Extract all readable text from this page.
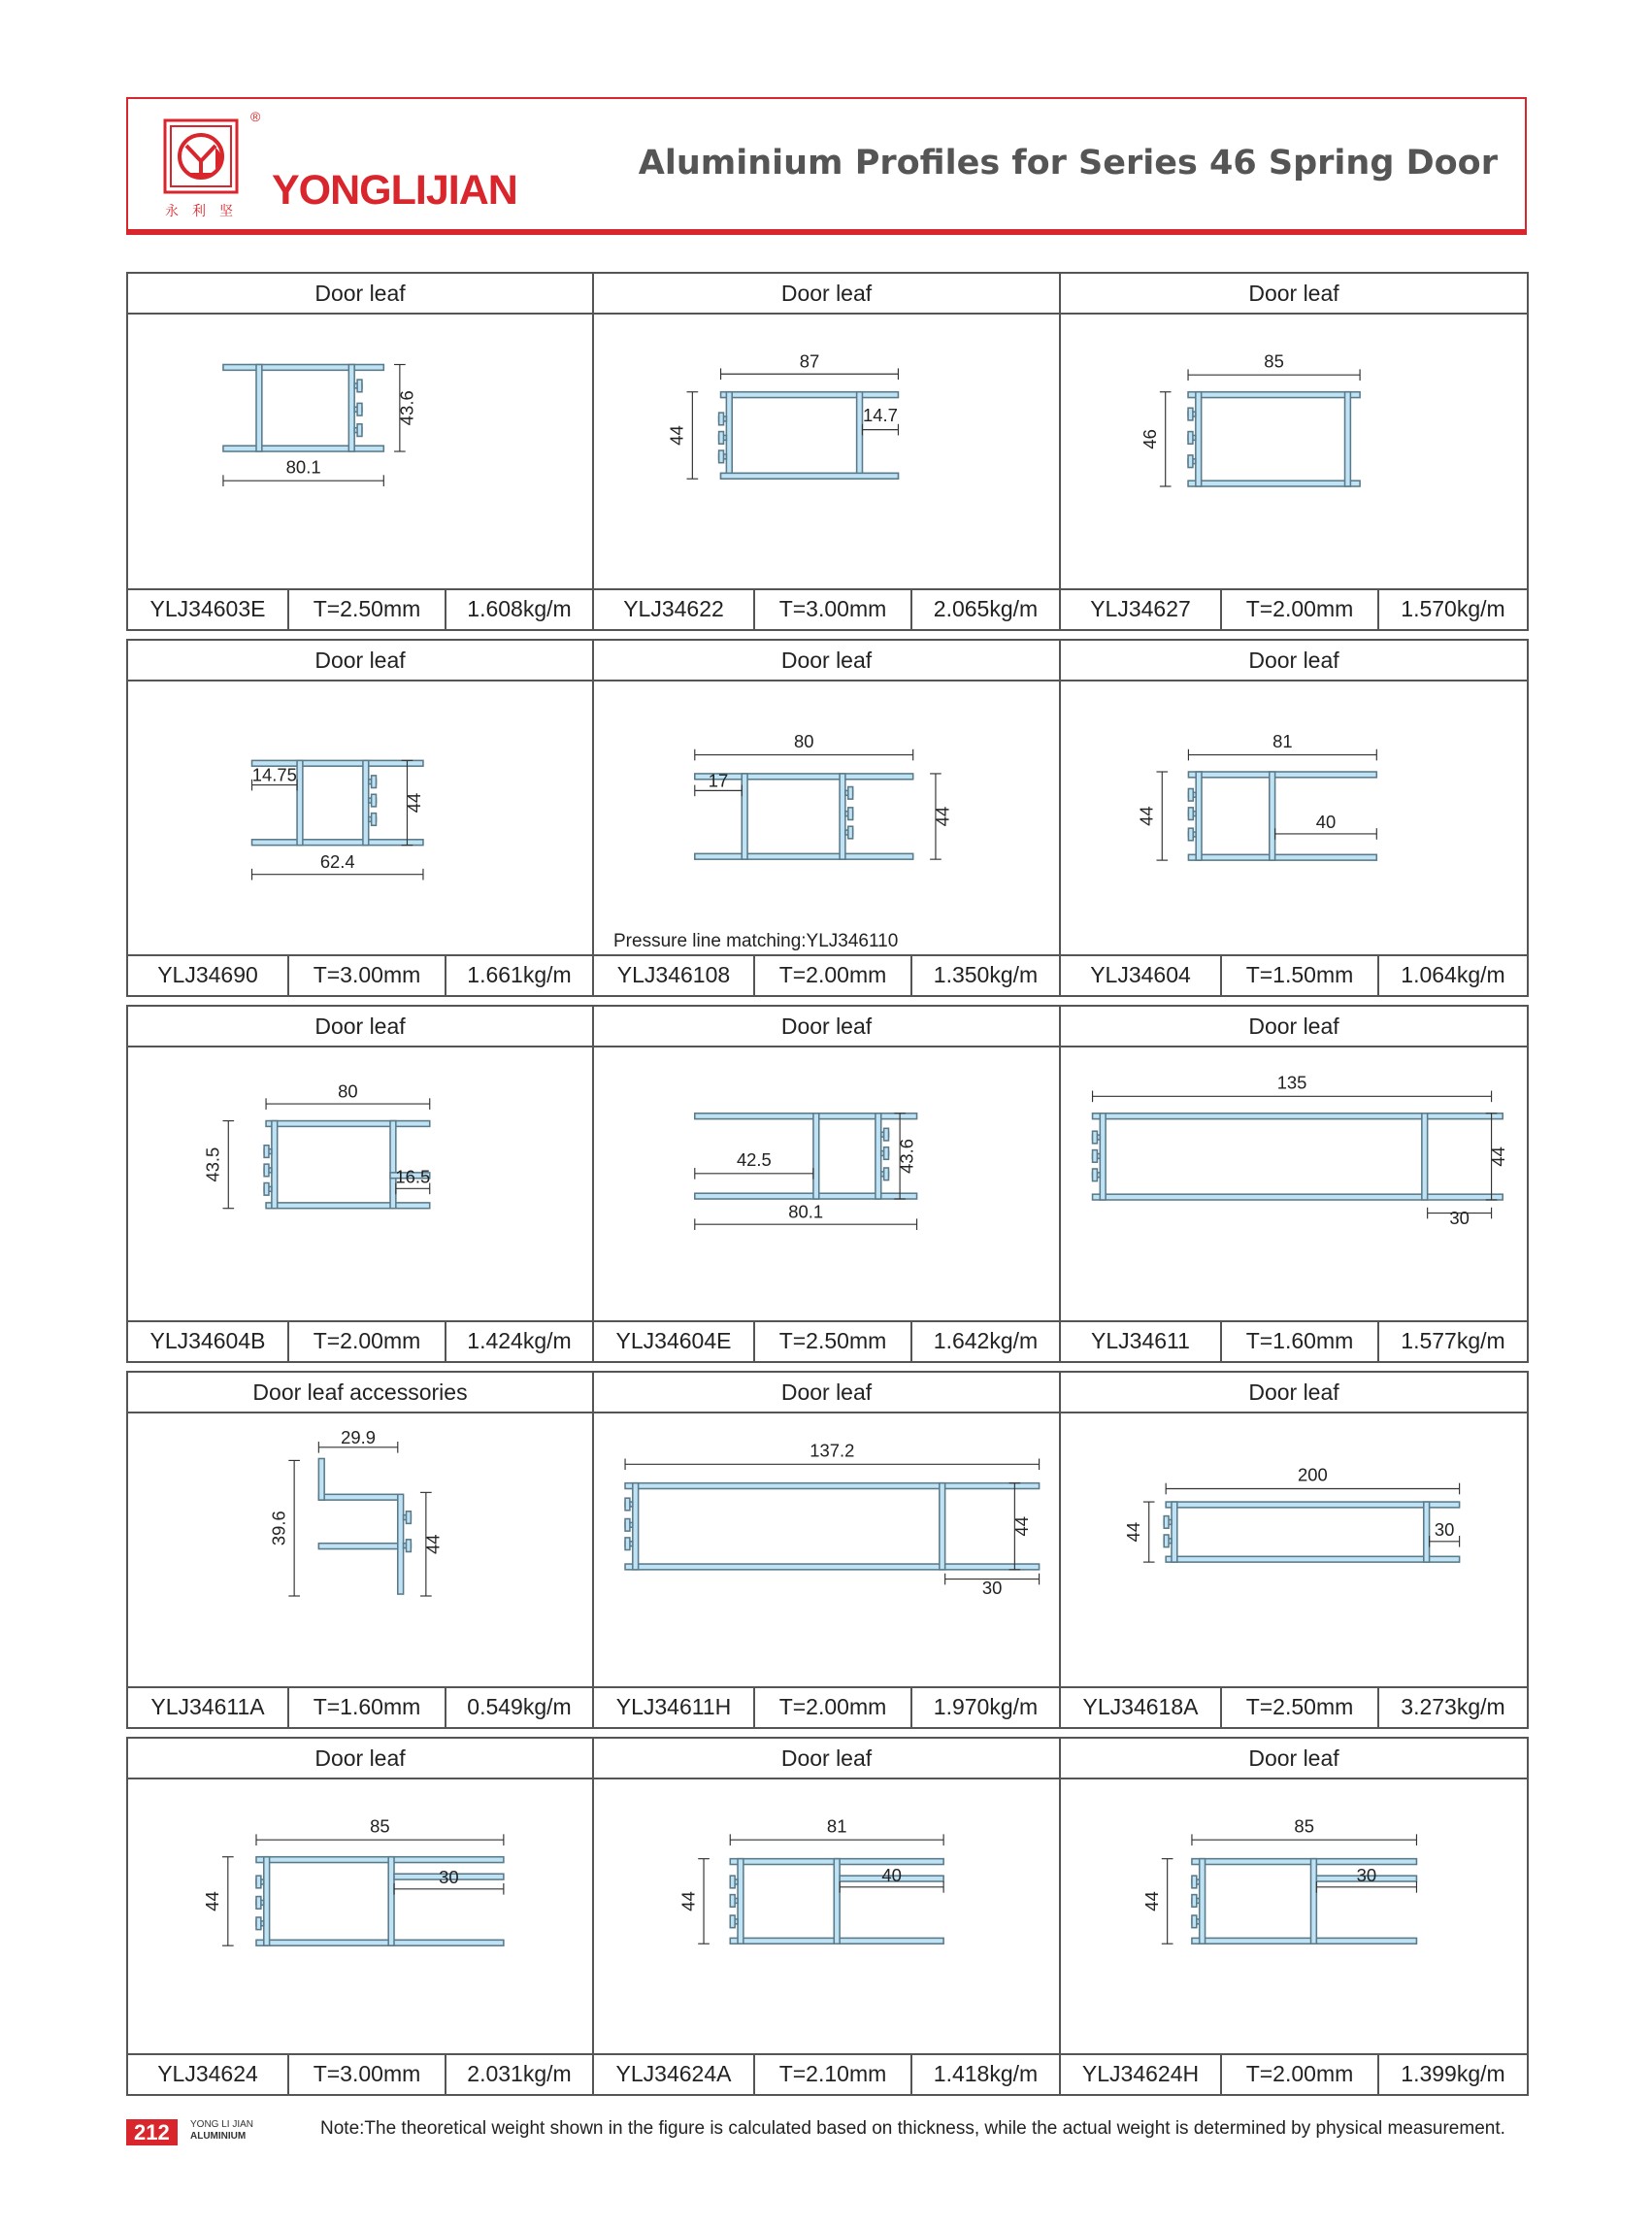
®
永利坚 YONGLIJIAN
Aluminium Profiles for Series 46 Spring Door
Door leaf
80.1
43.6
YLJ34603E	T=2.50mm	1.608kg/m
Door leaf
87
14.7
44
YLJ34622	T=3.00mm	2.065kg/m
Door leaf
85
46
YLJ34627	T=2.00mm	1.570kg/m
Door leaf
14.75
62.4
44
YLJ34690	T=3.00mm	1.661kg/m
Door leaf
80
17
44
YLJ346108	T=2.00mm	1.350kg/m
Pressure line matching:YLJ346110
Door leaf
81
40
44
YLJ34604	T=1.50mm	1.064kg/m
Door leaf
80
43.5	16.5
YLJ34604B	T=2.00mm	1.424kg/m
Door leaf
42.5
80.1
43.6
YLJ34604E	T=2.50mm	1.642kg/m
Door leaf
135
44
30
YLJ34611	T=1.60mm	1.577kg/m
Door leaf accessories
29.9
39.6	44
YLJ34611A	T=1.60mm	0.549kg/m
Door leaf
137.2
44
30
YLJ34611H	T=2.00mm	1.970kg/m
Door leaf
200
44	30
YLJ34618A	T=2.50mm	3.273kg/m
Door leaf
85
30
44
YLJ34624	T=3.00mm	2.031kg/m
Door leaf
81
40
44
YLJ34624A	T=2.10mm	1.418kg/m
Door leaf
85
30
44
YLJ34624H	T=2.00mm	1.399kg/m
212	YONG LI JIAN
ALUMINIUM	Note:The theoretical weight shown in the figure is calculated based on thickness, while the actual weight is determined by physical measurement.
